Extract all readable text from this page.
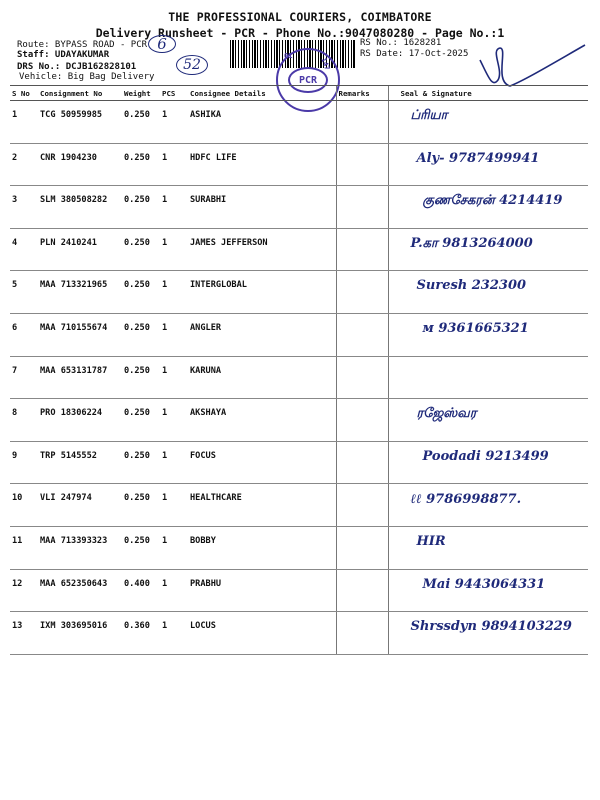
THE PROFESSIONAL COURIERS, COIMBATORE
Delivery Runsheet - PCR - Phone No.:9047080280 - Page No.:1
Route: BYPASS ROAD - PCR
Staff: UDAYAKUMAR
DRS No.: DCJB162828101
Vehicle: Big Bag Delivery
RS No.: 1628281
RS Date: 17-Oct-2025
6
52
01
147
PCR
S No	Consignment No	Weight	PCS	Consignee Details	Remarks	Seal & Signature
1	TCG 50959985	0.250	1	ASHIKA		ப்ரியா
2	CNR 1904230	0.250	1	HDFC LIFE		Aly- 9787499941
3	SLM 380508282	0.250	1	SURABHI		குணசேகரன் 4214419
4	PLN 2410241	0.250	1	JAMES JEFFERSON		P.கா 9813264000
5	MAA 713321965	0.250	1	INTERGLOBAL		Suresh 232300
6	MAA 710155674	0.250	1	ANGLER		ᴍ 9361665321
7	MAA 653131787	0.250	1	KARUNA		
8	PRO 18306224	0.250	1	AKSHAYA		ரஜேஸ்வர
9	TRP 5145552	0.250	1	FOCUS		Poodadi 9213499
10	VLI 247974	0.250	1	HEALTHCARE		ℓℓ 9786998877.
11	MAA 713393323	0.250	1	BOBBY		HIR
12	MAA 652350643	0.400	1	PRABHU		Mai 9443064331
13	IXM 303695016	0.360	1	LOCUS		Shrssdyn 9894103229
